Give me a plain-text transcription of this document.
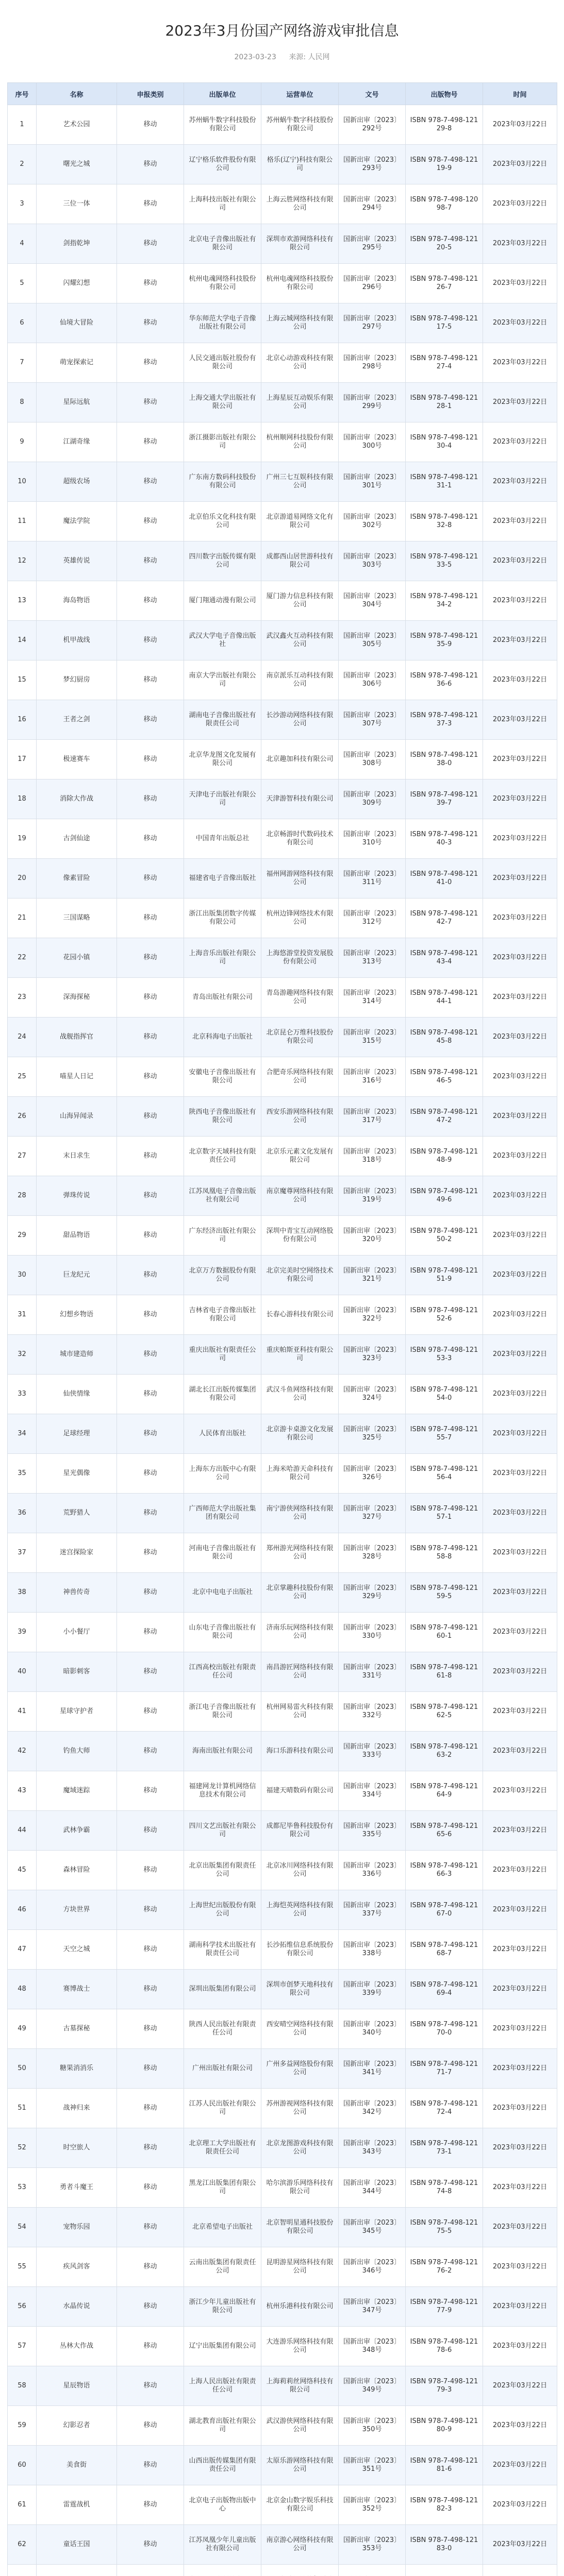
2023年3月份国产网络游戏审批信息
2023-03-23 来源: 人民网
序号	名称	申报类别	出版单位	运营单位	文号	出版物号	时间
1	艺术公园	移动	苏州蜗牛数字科技股份有限公司	苏州蜗牛数字科技股份有限公司	国新出审〔2023〕292号	ISBN 978-7-498-12129-8	2023年03月22日
2	曙光之城	移动	辽宁格乐软件股份有限公司	格乐(辽宁)科技有限公司	国新出审〔2023〕293号	ISBN 978-7-498-12119-9	2023年03月22日
3	三位一体	移动	上海科技出版社有限公司	上海云胜网络科技有限公司	国新出审〔2023〕294号	ISBN 978-7-498-12098-7	2023年03月22日
4	剑指乾坤	移动	北京电子音像出版社有限公司	深圳市欢游网络科技有限公司	国新出审〔2023〕295号	ISBN 978-7-498-12120-5	2023年03月22日
5	闪耀幻想	移动	杭州电魂网络科技股份有限公司	杭州电魂网络科技股份有限公司	国新出审〔2023〕296号	ISBN 978-7-498-12126-7	2023年03月22日
6	仙境大冒险	移动	华东师范大学电子音像出版社有限公司	上海云城网络科技有限公司	国新出审〔2023〕297号	ISBN 978-7-498-12117-5	2023年03月22日
7	萌宠探索记	移动	人民交通出版社股份有限公司	北京心动游戏科技有限公司	国新出审〔2023〕298号	ISBN 978-7-498-12127-4	2023年03月22日
8	星际远航	移动	上海交通大学出版社有限公司	上海星辰互动娱乐有限公司	国新出审〔2023〕299号	ISBN 978-7-498-12128-1	2023年03月22日
9	江湖奇缘	移动	浙江摄影出版社有限公司	杭州顺网科技股份有限公司	国新出审〔2023〕300号	ISBN 978-7-498-12130-4	2023年03月22日
10	超级农场	移动	广东南方数码科技股份有限公司	广州三七互娱科技有限公司	国新出审〔2023〕301号	ISBN 978-7-498-12131-1	2023年03月22日
11	魔法学院	移动	北京伯乐文化科技有限公司	北京游道易网络文化有限公司	国新出审〔2023〕302号	ISBN 978-7-498-12132-8	2023年03月22日
12	英雄传说	移动	四川数字出版传媒有限公司	成都西山居世游科技有限公司	国新出审〔2023〕303号	ISBN 978-7-498-12133-5	2023年03月22日
13	海岛物语	移动	厦门翔通动漫有限公司	厦门游力信息科技有限公司	国新出审〔2023〕304号	ISBN 978-7-498-12134-2	2023年03月22日
14	机甲战线	移动	武汉大学电子音像出版社	武汉鑫火互动科技有限公司	国新出审〔2023〕305号	ISBN 978-7-498-12135-9	2023年03月22日
15	梦幻厨房	移动	南京大学出版社有限公司	南京派乐互动科技有限公司	国新出审〔2023〕306号	ISBN 978-7-498-12136-6	2023年03月22日
16	王者之剑	移动	湖南电子音像出版社有限责任公司	长沙游动网络科技有限公司	国新出审〔2023〕307号	ISBN 978-7-498-12137-3	2023年03月22日
17	极速赛车	移动	北京华龙图文化发展有限公司	北京趣加科技有限公司	国新出审〔2023〕308号	ISBN 978-7-498-12138-0	2023年03月22日
18	消除大作战	移动	天津电子出版社有限公司	天津游智科技有限公司	国新出审〔2023〕309号	ISBN 978-7-498-12139-7	2023年03月22日
19	古剑仙途	移动	中国青年出版总社	北京畅游时代数码技术有限公司	国新出审〔2023〕310号	ISBN 978-7-498-12140-3	2023年03月22日
20	像素冒险	移动	福建省电子音像出版社	福州网游网络科技有限公司	国新出审〔2023〕311号	ISBN 978-7-498-12141-0	2023年03月22日
21	三国谋略	移动	浙江出版集团数字传媒有限公司	杭州边锋网络技术有限公司	国新出审〔2023〕312号	ISBN 978-7-498-12142-7	2023年03月22日
22	花园小镇	移动	上海音乐出版社有限公司	上海悠游堂投资发展股份有限公司	国新出审〔2023〕313号	ISBN 978-7-498-12143-4	2023年03月22日
23	深海探秘	移动	青岛出版社有限公司	青岛游趣网络科技有限公司	国新出审〔2023〕314号	ISBN 978-7-498-12144-1	2023年03月22日
24	战舰指挥官	移动	北京科海电子出版社	北京昆仑万维科技股份有限公司	国新出审〔2023〕315号	ISBN 978-7-498-12145-8	2023年03月22日
25	喵星人日记	移动	安徽电子音像出版社有限公司	合肥奇乐网络科技有限公司	国新出审〔2023〕316号	ISBN 978-7-498-12146-5	2023年03月22日
26	山海异闻录	移动	陕西电子音像出版社有限公司	西安乐游网络科技有限公司	国新出审〔2023〕317号	ISBN 978-7-498-12147-2	2023年03月22日
27	末日求生	移动	北京数字天域科技有限责任公司	北京乐元素文化发展有限公司	国新出审〔2023〕318号	ISBN 978-7-498-12148-9	2023年03月22日
28	弹珠传说	移动	江苏凤凰电子音像出版社有限公司	南京魔尊网络科技有限公司	国新出审〔2023〕319号	ISBN 978-7-498-12149-6	2023年03月22日
29	甜品物语	移动	广东经济出版社有限公司	深圳中青宝互动网络股份有限公司	国新出审〔2023〕320号	ISBN 978-7-498-12150-2	2023年03月22日
30	巨龙纪元	移动	北京万方数据股份有限公司	北京完美时空网络技术有限公司	国新出审〔2023〕321号	ISBN 978-7-498-12151-9	2023年03月22日
31	幻想乡物语	移动	吉林省电子音像出版社有限公司	长春心游科技有限公司	国新出审〔2023〕322号	ISBN 978-7-498-12152-6	2023年03月22日
32	城市建造师	移动	重庆出版社有限责任公司	重庆帕斯亚科技有限公司	国新出审〔2023〕323号	ISBN 978-7-498-12153-3	2023年03月22日
33	仙侠情缘	移动	湖北长江出版传媒集团有限公司	武汉斗鱼网络科技有限公司	国新出审〔2023〕324号	ISBN 978-7-498-12154-0	2023年03月22日
34	足球经理	移动	人民体育出版社	北京游卡桌游文化发展有限公司	国新出审〔2023〕325号	ISBN 978-7-498-12155-7	2023年03月22日
35	星光偶像	移动	上海东方出版中心有限公司	上海米哈游天命科技有限公司	国新出审〔2023〕326号	ISBN 978-7-498-12156-4	2023年03月22日
36	荒野猎人	移动	广西师范大学出版社集团有限公司	南宁游侠网络科技有限公司	国新出审〔2023〕327号	ISBN 978-7-498-12157-1	2023年03月22日
37	迷宫探险家	移动	河南电子音像出版社有限公司	郑州游光网络科技有限公司	国新出审〔2023〕328号	ISBN 978-7-498-12158-8	2023年03月22日
38	神兽传奇	移动	北京中电电子出版社	北京掌趣科技股份有限公司	国新出审〔2023〕329号	ISBN 978-7-498-12159-5	2023年03月22日
39	小小餐厅	移动	山东电子音像出版社有限公司	济南乐玩网络科技有限公司	国新出审〔2023〕330号	ISBN 978-7-498-12160-1	2023年03月22日
40	暗影刺客	移动	江西高校出版社有限责任公司	南昌游匠网络科技有限公司	国新出审〔2023〕331号	ISBN 978-7-498-12161-8	2023年03月22日
41	星球守护者	移动	浙江电子音像出版社有限公司	杭州网易雷火科技有限公司	国新出审〔2023〕332号	ISBN 978-7-498-12162-5	2023年03月22日
42	钓鱼大师	移动	海南出版社有限公司	海口乐游科技有限公司	国新出审〔2023〕333号	ISBN 978-7-498-12163-2	2023年03月22日
43	魔域迷踪	移动	福建网龙计算机网络信息技术有限公司	福建天晴数码有限公司	国新出审〔2023〕334号	ISBN 978-7-498-12164-9	2023年03月22日
44	武林争霸	移动	四川文艺出版社有限公司	成都尼毕鲁科技股份有限公司	国新出审〔2023〕335号	ISBN 978-7-498-12165-6	2023年03月22日
45	森林冒险	移动	北京出版集团有限责任公司	北京冰川网络科技有限公司	国新出审〔2023〕336号	ISBN 978-7-498-12166-3	2023年03月22日
46	方块世界	移动	上海世纪出版股份有限公司	上海恺英网络科技有限公司	国新出审〔2023〕337号	ISBN 978-7-498-12167-0	2023年03月22日
47	天空之城	移动	湖南科学技术出版社有限责任公司	长沙拓维信息系统股份有限公司	国新出审〔2023〕338号	ISBN 978-7-498-12168-7	2023年03月22日
48	赛博战士	移动	深圳出版集团有限公司	深圳市创梦天地科技有限公司	国新出审〔2023〕339号	ISBN 978-7-498-12169-4	2023年03月22日
49	古墓探秘	移动	陕西人民出版社有限责任公司	西安晴空网络科技有限公司	国新出审〔2023〕340号	ISBN 978-7-498-12170-0	2023年03月22日
50	糖果消消乐	移动	广州出版社有限公司	广州多益网络股份有限公司	国新出审〔2023〕341号	ISBN 978-7-498-12171-7	2023年03月22日
51	战神归来	移动	江苏人民出版社有限公司	苏州游视网络科技有限公司	国新出审〔2023〕342号	ISBN 978-7-498-12172-4	2023年03月22日
52	时空旅人	移动	北京理工大学出版社有限责任公司	北京龙图游戏科技有限公司	国新出审〔2023〕343号	ISBN 978-7-498-12173-1	2023年03月22日
53	勇者斗魔王	移动	黑龙江出版集团有限公司	哈尔滨游乐网络科技有限公司	国新出审〔2023〕344号	ISBN 978-7-498-12174-8	2023年03月22日
54	宠物乐园	移动	北京希望电子出版社	北京智明星通科技股份有限公司	国新出审〔2023〕345号	ISBN 978-7-498-12175-5	2023年03月22日
55	疾风剑客	移动	云南出版集团有限责任公司	昆明游星网络科技有限公司	国新出审〔2023〕346号	ISBN 978-7-498-12176-2	2023年03月22日
56	水晶传说	移动	浙江少年儿童出版社有限公司	杭州乐港科技有限公司	国新出审〔2023〕347号	ISBN 978-7-498-12177-9	2023年03月22日
57	丛林大作战	移动	辽宁出版集团有限公司	大连游乐网络科技有限公司	国新出审〔2023〕348号	ISBN 978-7-498-12178-6	2023年03月22日
58	星辰物语	移动	上海人民出版社有限责任公司	上海莉莉丝网络科技有限公司	国新出审〔2023〕349号	ISBN 978-7-498-12179-3	2023年03月22日
59	幻影忍者	移动	湖北教育出版社有限公司	武汉游侠网络科技有限公司	国新出审〔2023〕350号	ISBN 978-7-498-12180-9	2023年03月22日
60	美食街	移动	山西出版传媒集团有限责任公司	太原乐游网络科技有限公司	国新出审〔2023〕351号	ISBN 978-7-498-12181-6	2023年03月22日
61	雷霆战机	移动	北京电子出版物出版中心	北京金山数字娱乐科技有限公司	国新出审〔2023〕352号	ISBN 978-7-498-12182-3	2023年03月22日
62	童话王国	移动	江苏凤凰少年儿童出版社有限公司	南京游心网络科技有限公司	国新出审〔2023〕353号	ISBN 978-7-498-12183-0	2023年03月22日
